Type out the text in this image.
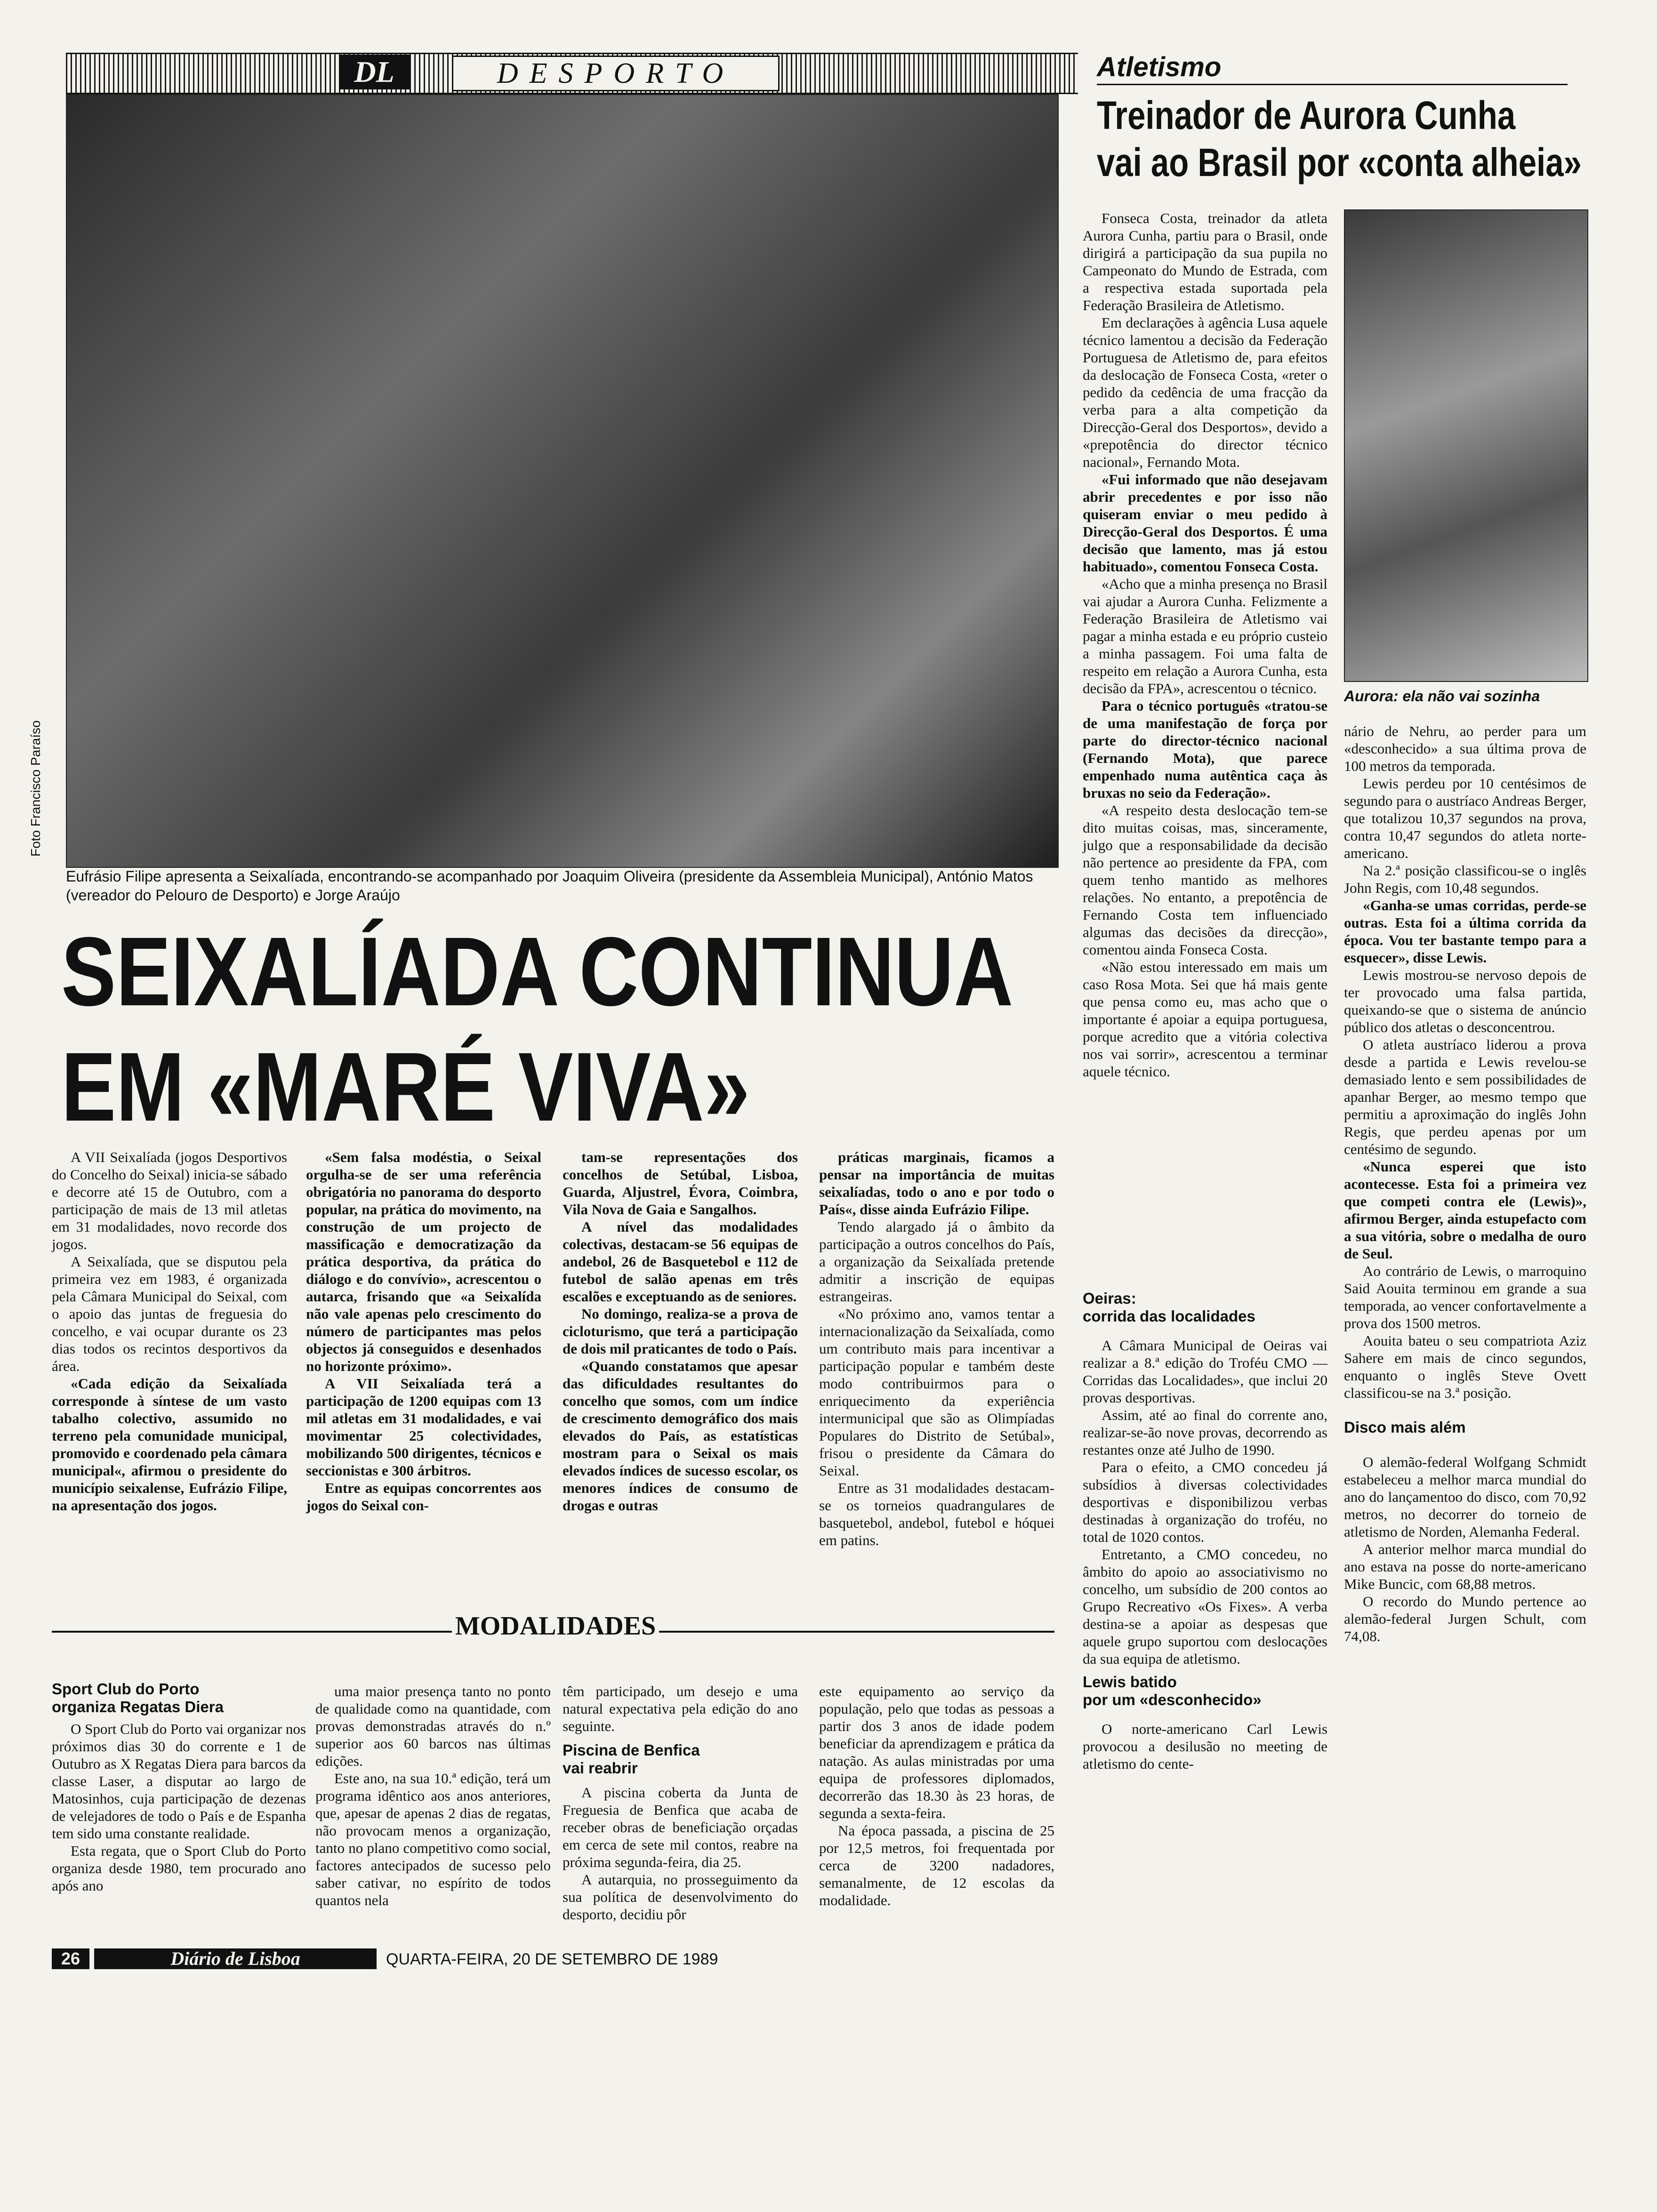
DL	DESPORTO
Foto Francisco Paraíso
Eufrásio Filipe apresenta a Seixalíada, encontrando-se acompanhado por Joaquim Oliveira (presidente da Assembleia Municipal), António Matos (vereador do Pelouro de Desporto) e Jorge Araújo
SEIXALÍADA CONTINUA
EM «MARÉ VIVA»

A VII Seixalíada (jogos Desportivos do Concelho do Seixal) inicia-se sábado e decorre até 15 de Outubro, com a participação de mais de 13 mil atletas em 31 modalidades, novo recorde dos jogos.

A Seixalíada, que se disputou pela primeira vez em 1983, é organizada pela Câmara Municipal do Seixal, com o apoio das juntas de freguesia do concelho, e vai ocupar durante os 23 dias todos os recintos desportivos da área.

«Cada edição da Seixalíada corresponde à síntese de um vasto tabalho colectivo, assumido no terreno pela comunidade municipal, promovido e coordenado pela câmara municipal«, afirmou o presidente do município seixalense, Eufrázio Filipe, na apresentação dos jogos.

«Sem falsa modéstia, o Seixal orgulha-se de ser uma referência obrigatória no panorama do desporto popular, na prática do movimento, na construção de um projecto de massificação e democratização da prática desportiva, da prática do diálogo e do convívio», acrescentou o autarca, frisando que «a Seixalída não vale apenas pelo crescimento do número de participantes mas pelos objectos já conseguidos e desenhados no horizonte próximo».

A VII Seixalíada terá a participação de 1200 equipas com 13 mil atletas em 31 modalidades, e vai movimentar 25 colectividades, mobilizando 500 dirigentes, técnicos e seccionistas e 300 árbitros.

Entre as equipas concorrentes aos jogos do Seixal con-

tam-se representações dos concelhos de Setúbal, Lisboa, Guarda, Aljustrel, Évora, Coimbra, Vila Nova de Gaia e Sangalhos.

A nível das modalidades colectivas, destacam-se 56 equipas de andebol, 26 de Basquetebol e 112 de futebol de salão apenas em três escalões e exceptuando as de seniores.

No domingo, realiza-se a prova de cicloturismo, que terá a participação de dois mil praticantes de todo o País.

«Quando constatamos que apesar das dificuldades resultantes do concelho que somos, com um índice de crescimento demográfico dos mais elevados do País, as estatísticas mostram para o Seixal os mais elevados índices de sucesso escolar, os menores índices de consumo de drogas e outras

práticas marginais, ficamos a pensar na importância de muitas seixalíadas, todo o ano e por todo o País«, disse ainda Eufrázio Filipe.

Tendo alargado já o âmbito da participação a outros concelhos do País, a organização da Seixalíada pretende admitir a inscrição de equipas estrangeiras.

«No próximo ano, vamos tentar a internacionalização da Seixalíada, como um contributo mais para incentivar a participação popular e também deste modo contribuirmos para o enriquecimento da experiência intermunicipal que são as Olimpíadas Populares do Distrito de Setúbal», frisou o presidente da Câmara do Seixal.

Entre as 31 modalidades destacam-se os torneios quadrangulares de basquetebol, andebol, futebol e hóquei em patins.

MODALIDADES
Sport Club do Porto
organiza Regatas Diera

O Sport Club do Porto vai organizar nos próximos dias 30 do corrente e 1 de Outubro as X Regatas Diera para barcos da classe Laser, a disputar ao largo de Matosinhos, cuja participação de dezenas de velejadores de todo o País e de Espanha tem sido uma constante realidade.

Esta regata, que o Sport Club do Porto organiza desde 1980, tem procurado ano após ano

uma maior presença tanto no ponto de qualidade como na quantidade, com provas demonstradas através do n.º superior aos 60 barcos nas últimas edições.

Este ano, na sua 10.ª edição, terá um programa idêntico aos anos anteriores, que, apesar de apenas 2 dias de regatas, não provocam menos a organização, tanto no plano competitivo como social, factores antecipados de sucesso pelo saber cativar, no espírito de todos quantos nela

têm participado, um desejo e uma natural expectativa pela edição do ano seguinte.

Piscina de Benfica
vai reabrir

A piscina coberta da Junta de Freguesia de Benfica que acaba de receber obras de beneficiação orçadas em cerca de sete mil contos, reabre na próxima segunda-feira, dia 25.

A autarquia, no prosseguimento da sua política de desenvolvimento do desporto, decidiu pôr

este equipamento ao serviço da população, pelo que todas as pessoas a partir dos 3 anos de idade podem beneficiar da aprendizagem e prática da natação. As aulas ministradas por uma equipa de professores diplomados, decorrerão das 18.30 às 23 horas, de segunda a sexta-feira.

Na época passada, a piscina de 25 por 12,5 metros, foi frequentada por cerca de 3200 nadadores, semanalmente, de 12 escolas da modalidade.

Atletismo
Treinador de Aurora Cunha
vai ao Brasil por «conta alheia»

Fonseca Costa, treinador da atleta Aurora Cunha, partiu para o Brasil, onde dirigirá a participação da sua pupila no Campeonato do Mundo de Estrada, com a respectiva estada suportada pela Federação Brasileira de Atletismo.

Em declarações à agência Lusa aquele técnico lamentou a decisão da Federação Portuguesa de Atletismo de, para efeitos da deslocação de Fonseca Costa, «reter o pedido da cedência de uma fracção da verba para a alta competição da Direcção-Geral dos Desportos», devido a «prepotência do director técnico nacional», Fernando Mota.

«Fui informado que não desejavam abrir precedentes e por isso não quiseram enviar o meu pedido à Direcção-Geral dos Desportos. É uma decisão que lamento, mas já estou habituado», comentou Fonseca Costa.

«Acho que a minha presença no Brasil vai ajudar a Aurora Cunha. Felizmente a Federação Brasileira de Atletismo vai pagar a minha estada e eu próprio custeio a minha passagem. Foi uma falta de respeito em relação a Aurora Cunha, esta decisão da FPA», acrescentou o técnico.

Para o técnico português «tratou-se de uma manifestação de força por parte do director-técnico nacional (Fernando Mota), que parece empenhado numa autêntica caça às bruxas no seio da Federação».

«A respeito desta deslocação tem-se dito muitas coisas, mas, sinceramente, julgo que a responsabilidade da decisão não pertence ao presidente da FPA, com quem tenho mantido as melhores relações. No entanto, a prepotência de Fernando Costa tem influenciado algumas das decisões da direcção», comentou ainda Fonseca Costa.

«Não estou interessado em mais um caso Rosa Mota. Sei que há mais gente que pensa como eu, mas acho que o importante é apoiar a equipa portuguesa, porque acredito que a vitória colectiva nos vai sorrir», acrescentou a terminar aquele técnico.

Aurora: ela não vai sozinha

nário de Nehru, ao perder para um «desconhecido» a sua última prova de 100 metros da temporada.

Lewis perdeu por 10 centésimos de segundo para o austríaco Andreas Berger, que totalizou 10,37 segundos na prova, contra 10,47 segundos do atleta norte-americano.

Na 2.ª posição classificou-se o inglês John Regis, com 10,48 segundos.

«Ganha-se umas corridas, perde-se outras. Esta foi a última corrida da época. Vou ter bastante tempo para a esquecer», disse Lewis.

Lewis mostrou-se nervoso depois de ter provocado uma falsa partida, queixando-se que o sistema de anúncio público dos atletas o desconcentrou.

O atleta austríaco liderou a prova desde a partida e Lewis revelou-se demasiado lento e sem possibilidades de apanhar Berger, ao mesmo tempo que permitiu a aproximação do inglês John Regis, que perdeu apenas por um centésimo de segundo.

«Nunca esperei que isto acontecesse. Esta foi a primeira vez que competi contra ele (Lewis)», afirmou Berger, ainda estupefacto com a sua vitória, sobre o medalha de ouro de Seul.

Ao contrário de Lewis, o marroquino Said Aouita terminou em grande a sua temporada, ao vencer confortavelmente a prova dos 1500 metros.

Aouita bateu o seu compatriota Aziz Sahere em mais de cinco segundos, enquanto o inglês Steve Ovett classificou-se na 3.ª posição.

Disco mais além

O alemão-federal Wolfgang Schmidt estabeleceu a melhor marca mundial do ano do lançamentoo do disco, com 70,92 metros, no decorrer do torneio de atletismo de Norden, Alemanha Federal.

A anterior melhor marca mundial do ano estava na posse do norte-americano Mike Buncic, com 68,88 metros.

O recordo do Mundo pertence ao alemão-federal Jurgen Schult, com 74,08.

Oeiras:
corrida das localidades

A Câmara Municipal de Oeiras vai realizar a 8.ª edição do Troféu CMO — Corridas das Localidades», que inclui 20 provas desportivas.

Assim, até ao final do corrente ano, realizar-se-ão nove provas, decorrendo as restantes onze até Julho de 1990.

Para o efeito, a CMO concedeu já subsídios à diversas colectividades desportivas e disponibilizou verbas destinadas à organização do troféu, no total de 1020 contos.

Entretanto, a CMO concedeu, no âmbito do apoio ao associativismo no concelho, um subsídio de 200 contos ao Grupo Recreativo «Os Fixes». A verba destina-se a apoiar as despesas que aquele grupo suportou com deslocações da sua equipa de atletismo.

Lewis batido
por um «desconhecido»

O norte-americano Carl Lewis provocou a desilusão no meeting de atletismo do cente-

26	Diário de Lisboa	QUARTA-FEIRA, 20 DE SETEMBRO DE 1989
